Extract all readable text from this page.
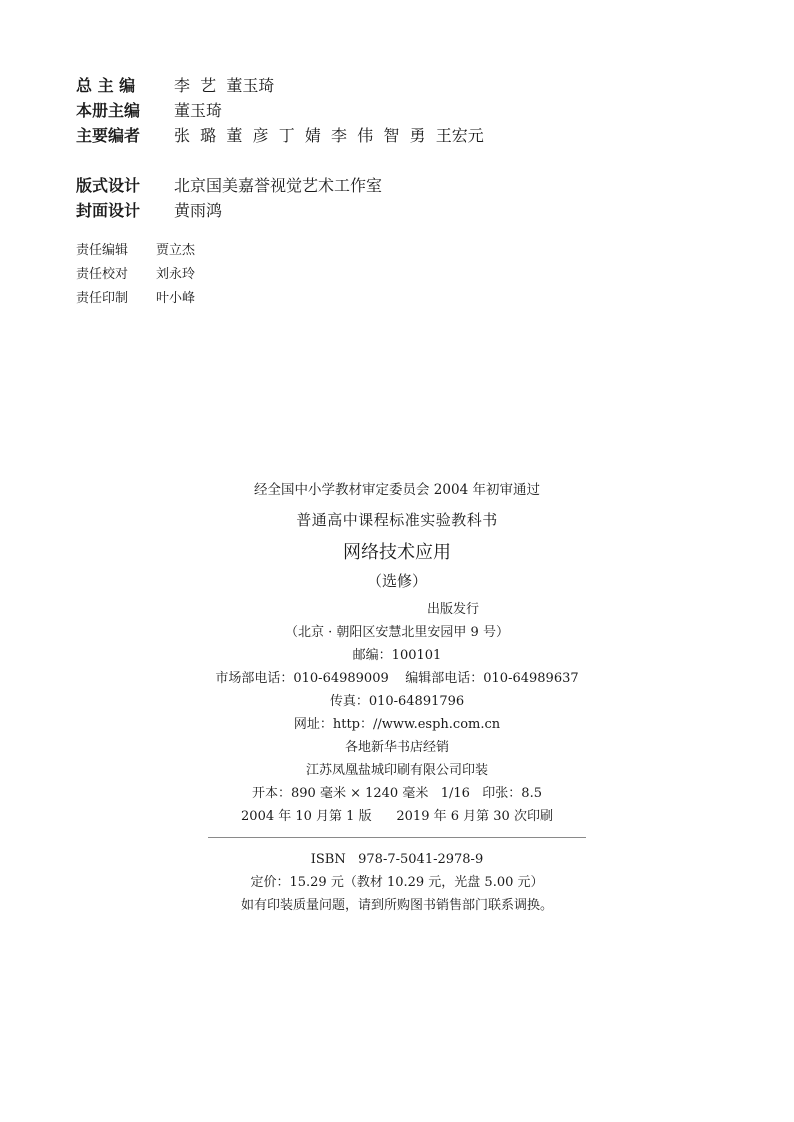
总 主 编	李  艺  董玉琦
本册主编	董玉琦
主要编者	张  璐  董  彦  丁  婧  李  伟  智  勇  王宏元
版式设计	北京国美嘉誉视觉艺术工作室
封面设计	黄雨鸿
责任编辑	贾立杰
责任校对	刘永玲
责任印制	叶小峰
经全国中小学教材审定委员会 2004 年初审通过
普通高中课程标准实验教科书
网络技术应用
（选修）
出版发行
（北京 · 朝阳区安慧北里安园甲 9 号）
邮编：100101
市场部电话：010-64989009    编辑部电话：010-64989637
传真：010-64891796
网址：http：//www.esph.com.cn
各地新华书店经销
江苏凤凰盐城印刷有限公司印装
开本：890 毫米 × 1240 毫米   1/16   印张：8.5
2004 年 10 月第 1 版      2019 年 6 月第 30 次印刷
ISBN   978-7-5041-2978-9
定价：15.29 元（教材 10.29 元，光盘 5.00 元）
如有印装质量问题，请到所购图书销售部门联系调换。
